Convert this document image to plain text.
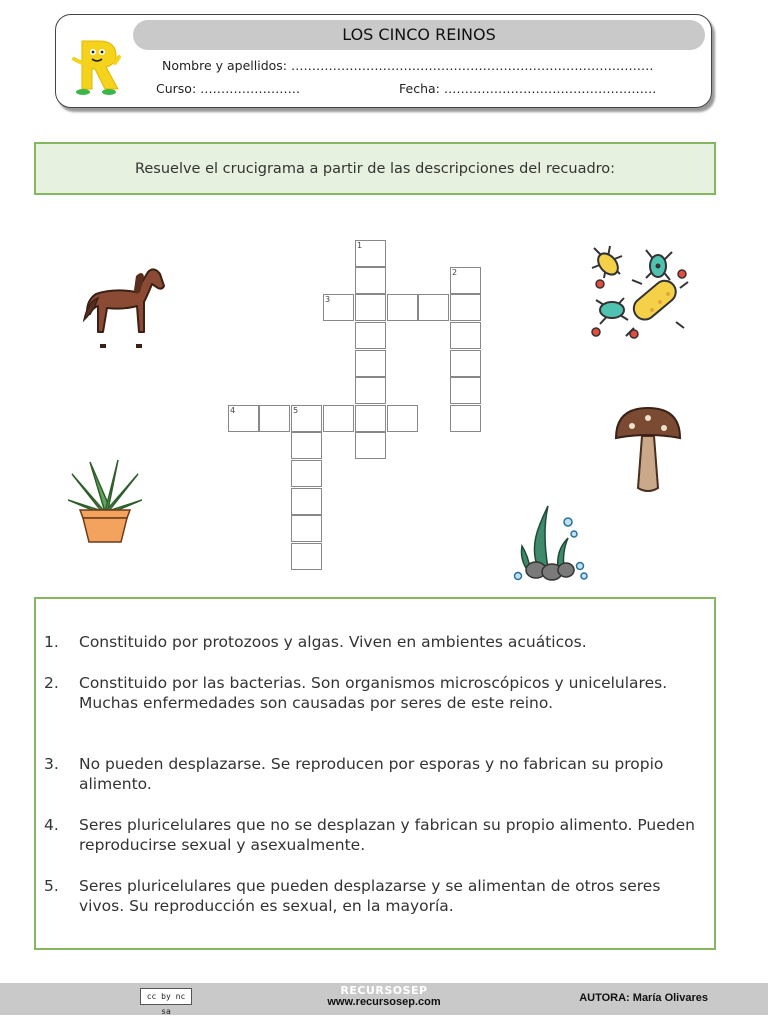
LOS CINCO REINOS
Nombre y apellidos: ……………………………………………………………………………
Curso: ……………………	Fecha: ……………………………………………
Resuelve el crucigrama a partir de las descripciones del recuadro:
1
2
3
4	5
1. Constituido por protozoos y algas. Viven en ambientes acuáticos.
2. Constituido por las bacterias. Son organismos microscópicos y unicelulares. Muchas enfermedades son causadas por seres de este reino.
3. No pueden desplazarse. Se reproducen por esporas y no fabrican su propio alimento.
4. Seres pluricelulares que no se desplazan y fabrican su propio alimento. Pueden reproducirse sexual y asexualmente.
5. Seres pluricelulares que pueden desplazarse y se alimentan de otros seres vivos. Su reproducción es sexual, en la mayoría.
cc by nc sa
RECURSOSEP
www.recursosep.com	AUTORA: María Olivares
